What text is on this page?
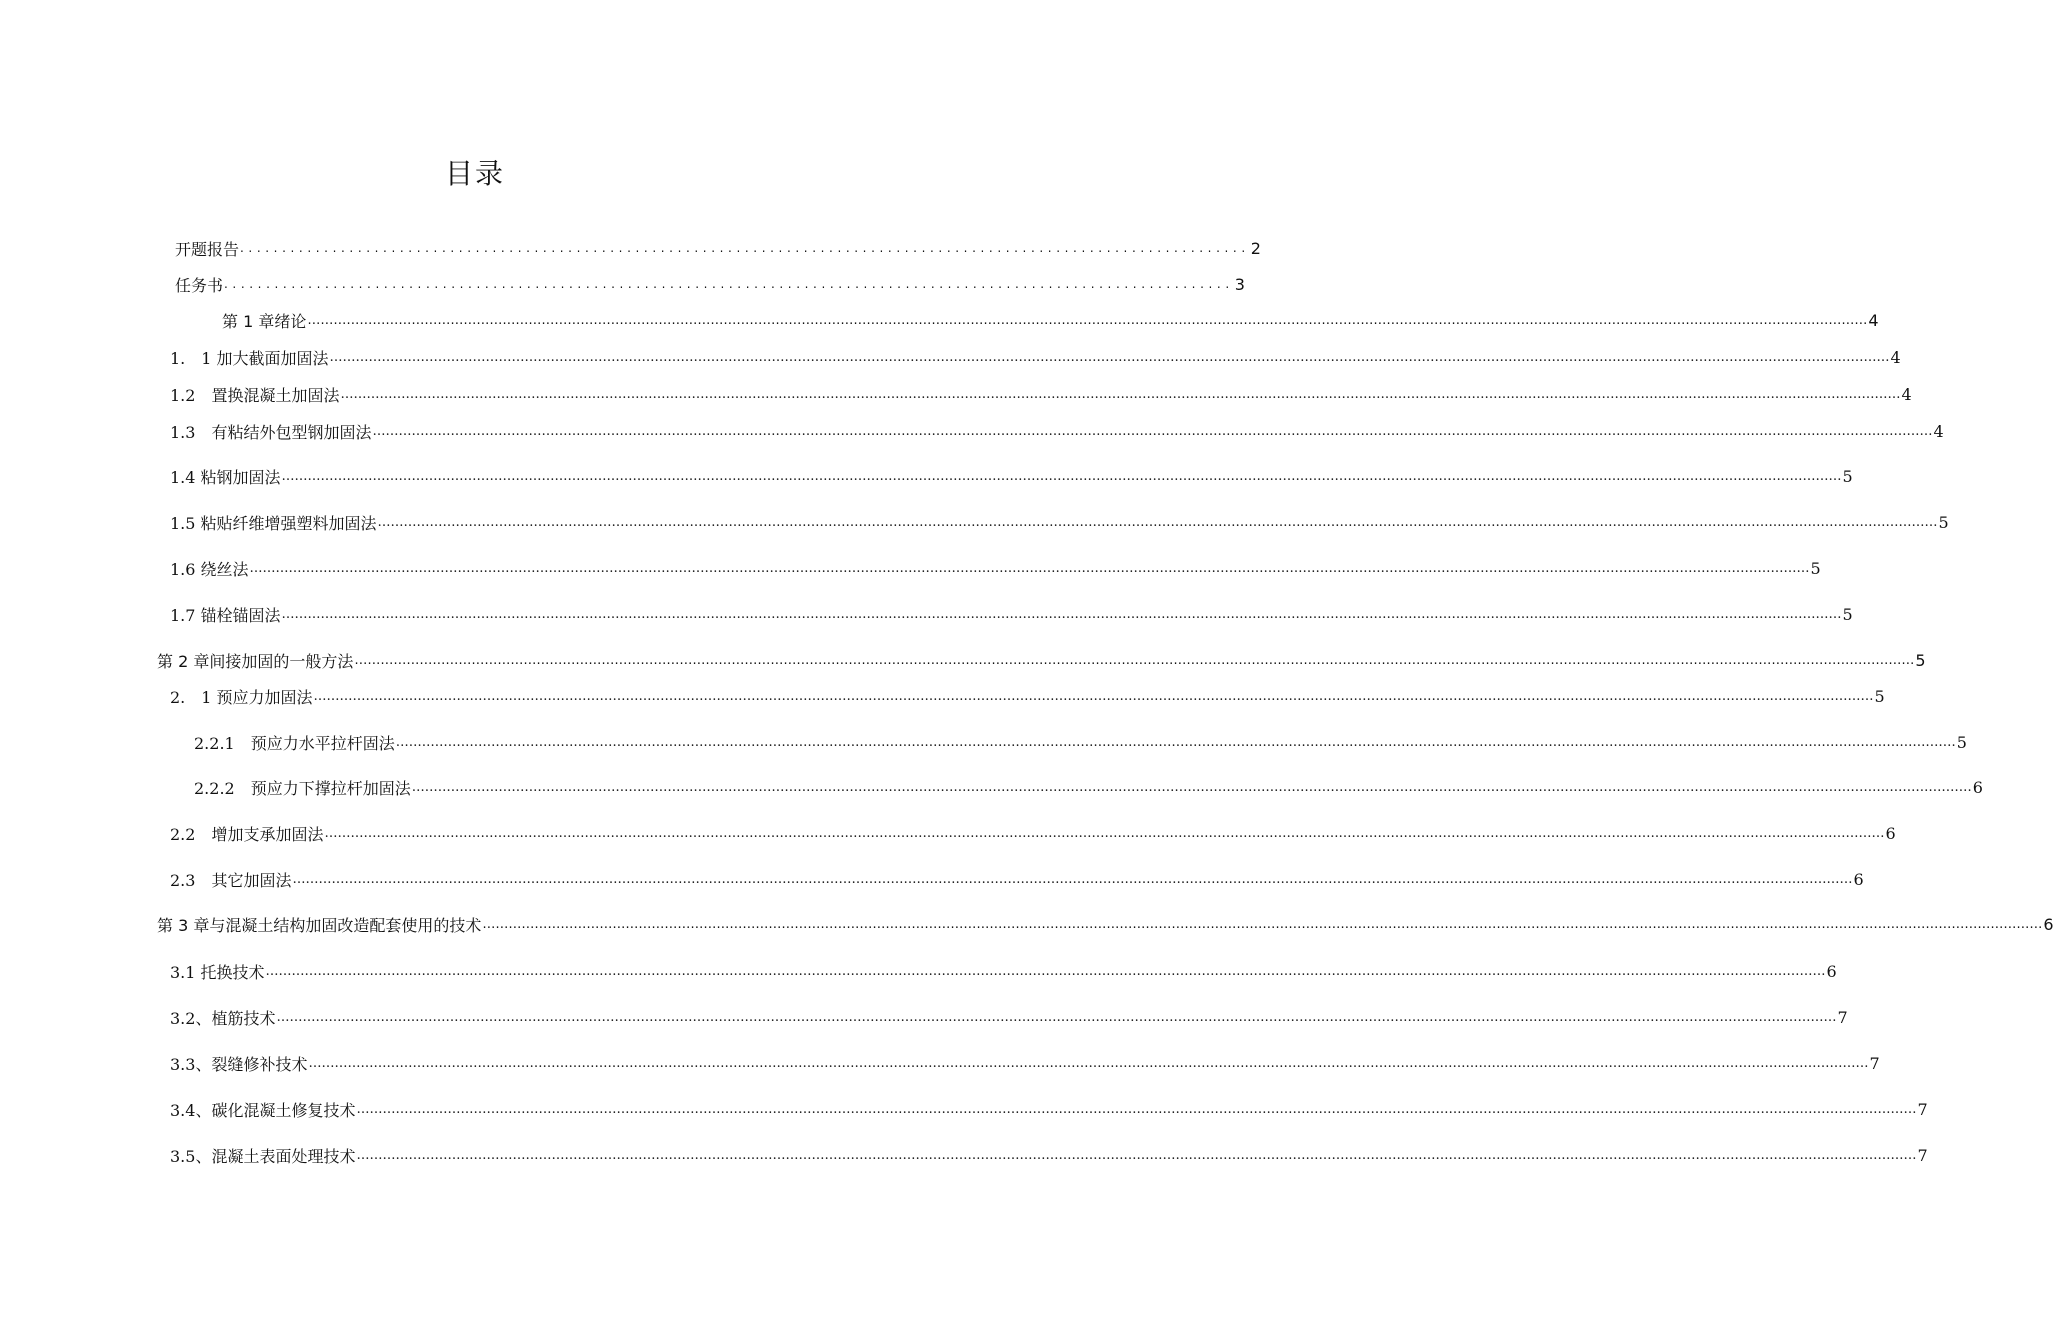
目录
开题报告 ........................................................................................................................ 2
任务书 ........................................................................................................................ 3
第 1 章绪论 ……………………………………………………………………………………………………………………………………………………………………………………………………………………………………………………………………………………………………………………………… 4
1.　1 加大截面加固法 ……………………………………………………………………………………………………………………………………………………………………………………………………………………………………………………………………………………………………………………………… 4
1.2　置换混凝土加固法 ……………………………………………………………………………………………………………………………………………………………………………………………………………………………………………………………………………………………………………………………… 4
1.3　有粘结外包型钢加固法 ……………………………………………………………………………………………………………………………………………………………………………………………………………………………………………………………………………………………………………………………… 4
1.4 粘钢加固法 ……………………………………………………………………………………………………………………………………………………………………………………………………………………………………………………………………………………………………………………………… 5
1.5 粘贴纤维增强塑料加固法 ……………………………………………………………………………………………………………………………………………………………………………………………………………………………………………………………………………………………………………………………… 5
1.6 绕丝法 ……………………………………………………………………………………………………………………………………………………………………………………………………………………………………………………………………………………………………………………………… 5
1.7 锚栓锚固法 ……………………………………………………………………………………………………………………………………………………………………………………………………………………………………………………………………………………………………………………………… 5
第 2 章间接加固的一般方法 ……………………………………………………………………………………………………………………………………………………………………………………………………………………………………………………………………………………………………………………………… 5
2.　1 预应力加固法 ……………………………………………………………………………………………………………………………………………………………………………………………………………………………………………………………………………………………………………………………… 5
2.2.1　预应力水平拉杆固法 ……………………………………………………………………………………………………………………………………………………………………………………………………………………………………………………………………………………………………………………………… 5
2.2.2　预应力下撑拉杆加固法 ……………………………………………………………………………………………………………………………………………………………………………………………………………………………………………………………………………………………………………………………… 6
2.2　增加支承加固法 ……………………………………………………………………………………………………………………………………………………………………………………………………………………………………………………………………………………………………………………………… 6
2.3　其它加固法 ……………………………………………………………………………………………………………………………………………………………………………………………………………………………………………………………………………………………………………………………… 6
第 3 章与混凝土结构加固改造配套使用的技术 ……………………………………………………………………………………………………………………………………………………………………………………………………………………………………………………………………………………………………………………………… 6
3.1 托换技术 ……………………………………………………………………………………………………………………………………………………………………………………………………………………………………………………………………………………………………………………………… 6
3.2、植筋技术 ……………………………………………………………………………………………………………………………………………………………………………………………………………………………………………………………………………………………………………………………… 7
3.3、裂缝修补技术 ……………………………………………………………………………………………………………………………………………………………………………………………………………………………………………………………………………………………………………………………… 7
3.4、碳化混凝土修复技术 ……………………………………………………………………………………………………………………………………………………………………………………………………………………………………………………………………………………………………………………………… 7
3.5、混凝土表面处理技术 ……………………………………………………………………………………………………………………………………………………………………………………………………………………………………………………………………………………………………………………………… 7
